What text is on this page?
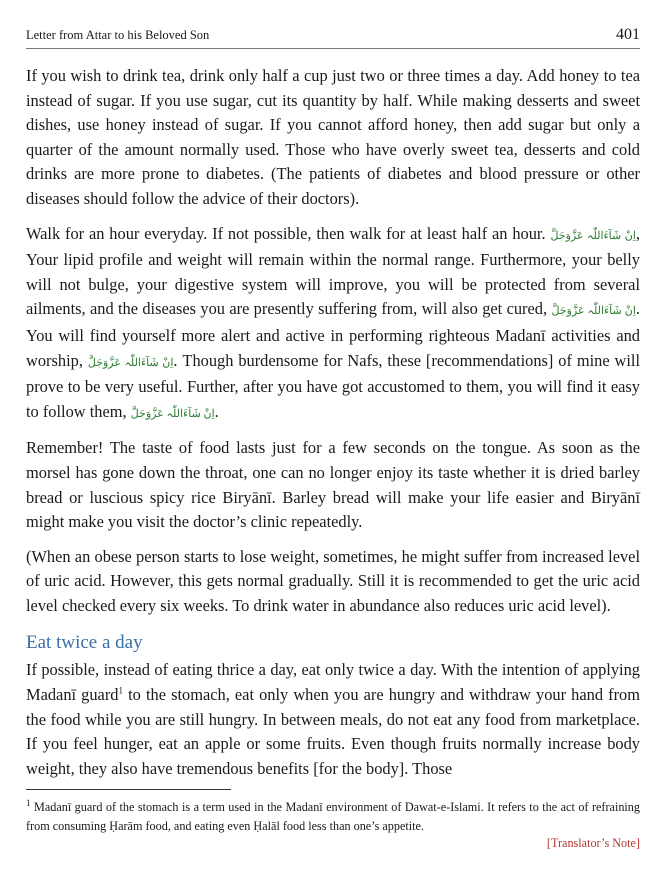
Letter from Attar to his Beloved Son	401

If you wish to drink tea, drink only half a cup just two or three times a day. Add honey to tea instead of sugar. If you use sugar, cut its quantity by half. While making desserts and sweet dishes, use honey instead of sugar. If you cannot afford honey, then add sugar but only a quarter of the amount normally used. Those who have overly sweet tea, desserts and cold drinks are more prone to diabetes. (The patients of diabetes and blood pressure or other diseases should follow the advice of their doctors).

Walk for an hour everyday. If not possible, then walk for at least half an hour. اِنْ شَآءَاللّٰہ عَزَّوَجَلَّ, Your lipid profile and weight will remain within the normal range. Furthermore, your belly will not bulge, your digestive system will improve, you will be protected from several ailments, and the diseases you are presently suffering from, will also get cured, اِنْ شَآءَاللّٰہ عَزَّوَجَلَّ. You will find yourself more alert and active in performing righteous Madanī activities and worship, اِنْ شَآءَاللّٰہ عَزَّوَجَلَّ. Though burdensome for Nafs, these [recommendations] of mine will prove to be very useful. Further, after you have got accustomed to them, you will find it easy to follow them, اِنْ شَآءَاللّٰہ عَزَّوَجَلَّ.

Remember! The taste of food lasts just for a few seconds on the tongue. As soon as the morsel has gone down the throat, one can no longer enjoy its taste whether it is dried barley bread or luscious spicy rice Biryānī. Barley bread will make your life easier and Biryānī might make you visit the doctor’s clinic repeatedly.

(When an obese person starts to lose weight, sometimes, he might suffer from increased level of uric acid. However, this gets normal gradually. Still it is recommended to get the uric acid level checked every six weeks. To drink water in abundance also reduces uric acid level).

Eat twice a day

If possible, instead of eating thrice a day, eat only twice a day. With the intention of applying Madanī guard$^1$ to the stomach, eat only when you are hungry and withdraw your hand from the food while you are still hungry. In between meals, do not eat any food from marketplace. If you feel hunger, eat an apple or some fruits. Even though fruits normally increase body weight, they also have tremendous benefits [for the body]. Those

$^1$ Madanī guard of the stomach is a term used in the Madanī environment of Dawat-e-Islami. It refers to the act of refraining from consuming Ḥarām food, and eating even Ḥalāl food less than one’s appetite.
[Translator’s Note]
